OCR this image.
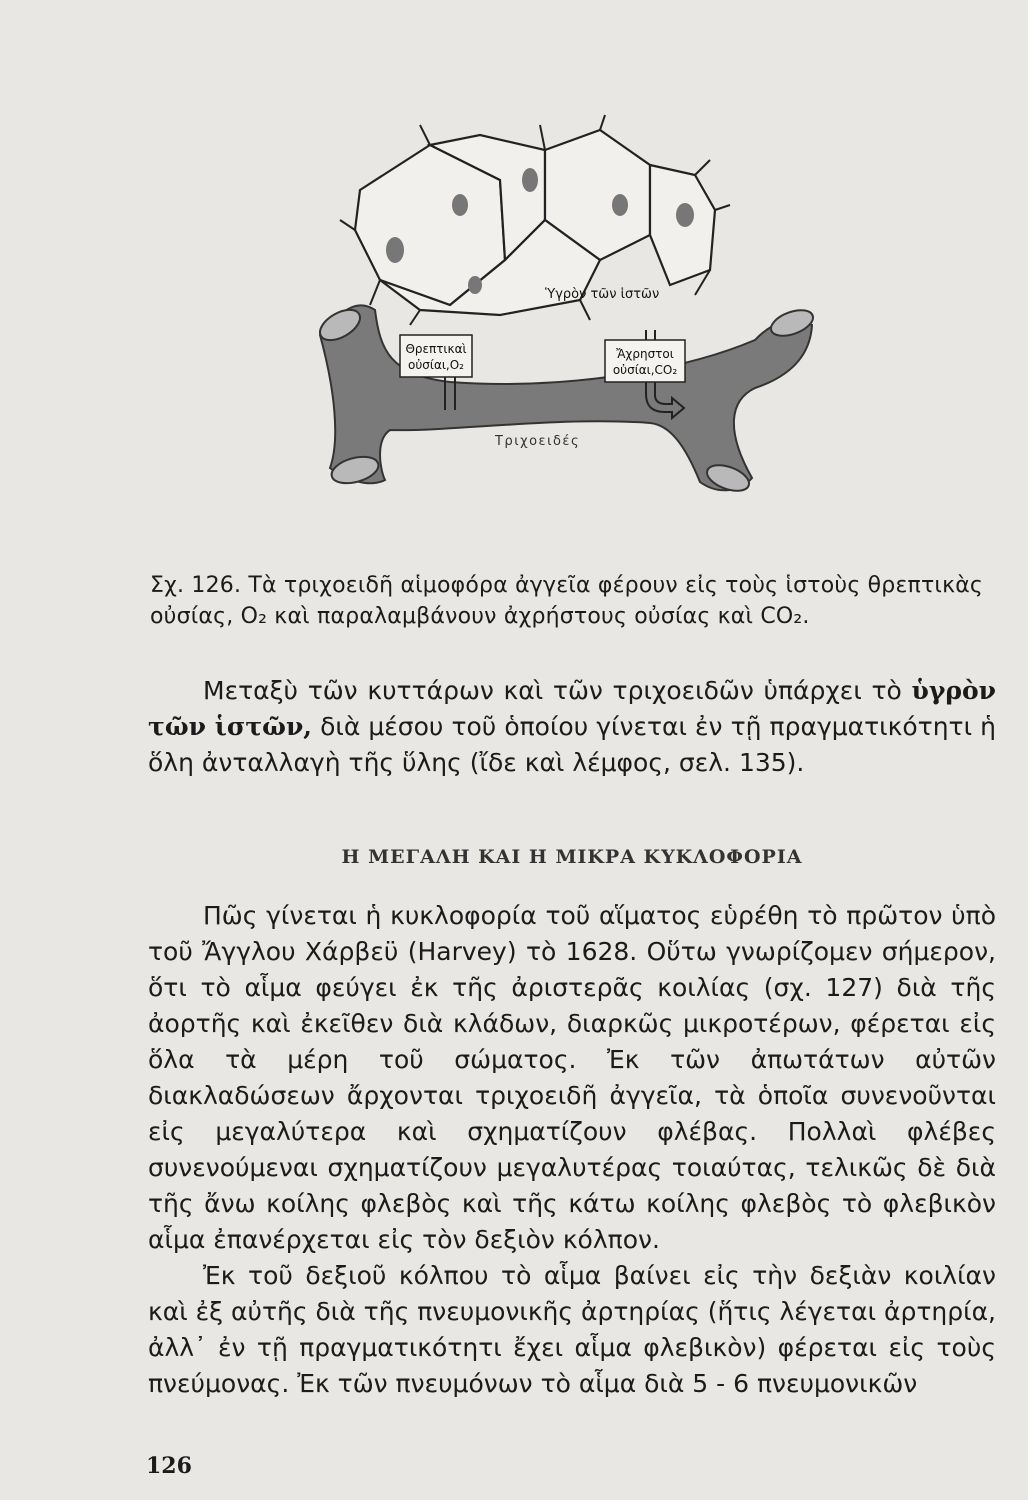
Θρεπτικαὶ
οὐσίαι,O₂
Ἄχρηστοι
οὐσίαι,CO₂
Ὑγρὸν τῶν ἱστῶν
Τριχοειδές

Σχ. 126. Τὰ τριχοειδῆ αἱμοφόρα ἀγγεῖα φέρουν εἰς τοὺς ἱστοὺς θρεπτικὰς

οὐσίας, O₂ καὶ παραλαμβάνουν ἀχρήστους οὐσίας καὶ CO₂.

Μεταξὺ τῶν κυττάρων καὶ τῶν τριχοειδῶν ὑπάρχει τὸ ὑγρὸν τῶν ἱστῶν, διὰ μέσου τοῦ ὁποίου γίνεται ἐν τῇ πραγματικότητι ἡ ὅλη ἀνταλλαγὴ τῆς ὕλης (ἴδε καὶ λέμφος, σελ. 135).

Η ΜΕΓΑΛΗ ΚΑΙ Η ΜΙΚΡΑ ΚΥΚΛΟΦΟΡΙΑ

Πῶς γίνεται ἡ κυκλοφορία τοῦ αἵματος εὑρέθη τὸ πρῶτον ὑπὸ τοῦ Ἄγγλου Χάρβεϋ (Harvey) τὸ 1628. Οὕτω γνωρίζομεν σήμερον, ὅτι τὸ αἷμα φεύγει ἐκ τῆς ἀριστερᾶς κοιλίας (σχ. 127) διὰ τῆς ἀορτῆς καὶ ἐκεῖθεν διὰ κλάδων, διαρκῶς μικροτέρων, φέρεται εἰς ὅλα τὰ μέρη τοῦ σώματος. Ἐκ τῶν ἀπωτάτων αὐτῶν διακλαδώσεων ἄρχονται τριχοειδῆ ἀγγεῖα, τὰ ὁποῖα συνενοῦνται εἰς μεγαλύτερα καὶ σχηματίζουν φλέβας. Πολλαὶ φλέβες συνενούμεναι σχηματίζουν μεγαλυτέρας τοιαύτας, τελικῶς δὲ διὰ τῆς ἄνω κοίλης φλεβὸς καὶ τῆς κάτω κοίλης φλεβὸς τὸ φλεβικὸν αἷμα ἐπανέρχεται εἰς τὸν δεξιὸν κόλπον.

Ἐκ τοῦ δεξιοῦ κόλπου τὸ αἷμα βαίνει εἰς τὴν δεξιὰν κοιλίαν καὶ ἐξ αὐτῆς διὰ τῆς πνευμονικῆς ἀρτηρίας (ἥτις λέγεται ἀρτηρία, ἀλλ᾽ ἐν τῇ πραγματικότητι ἔχει αἷμα φλεβικὸν) φέρεται εἰς τοὺς πνεύμονας. Ἐκ τῶν πνευμόνων τὸ αἷμα διὰ 5 - 6 πνευμονικῶν

126
